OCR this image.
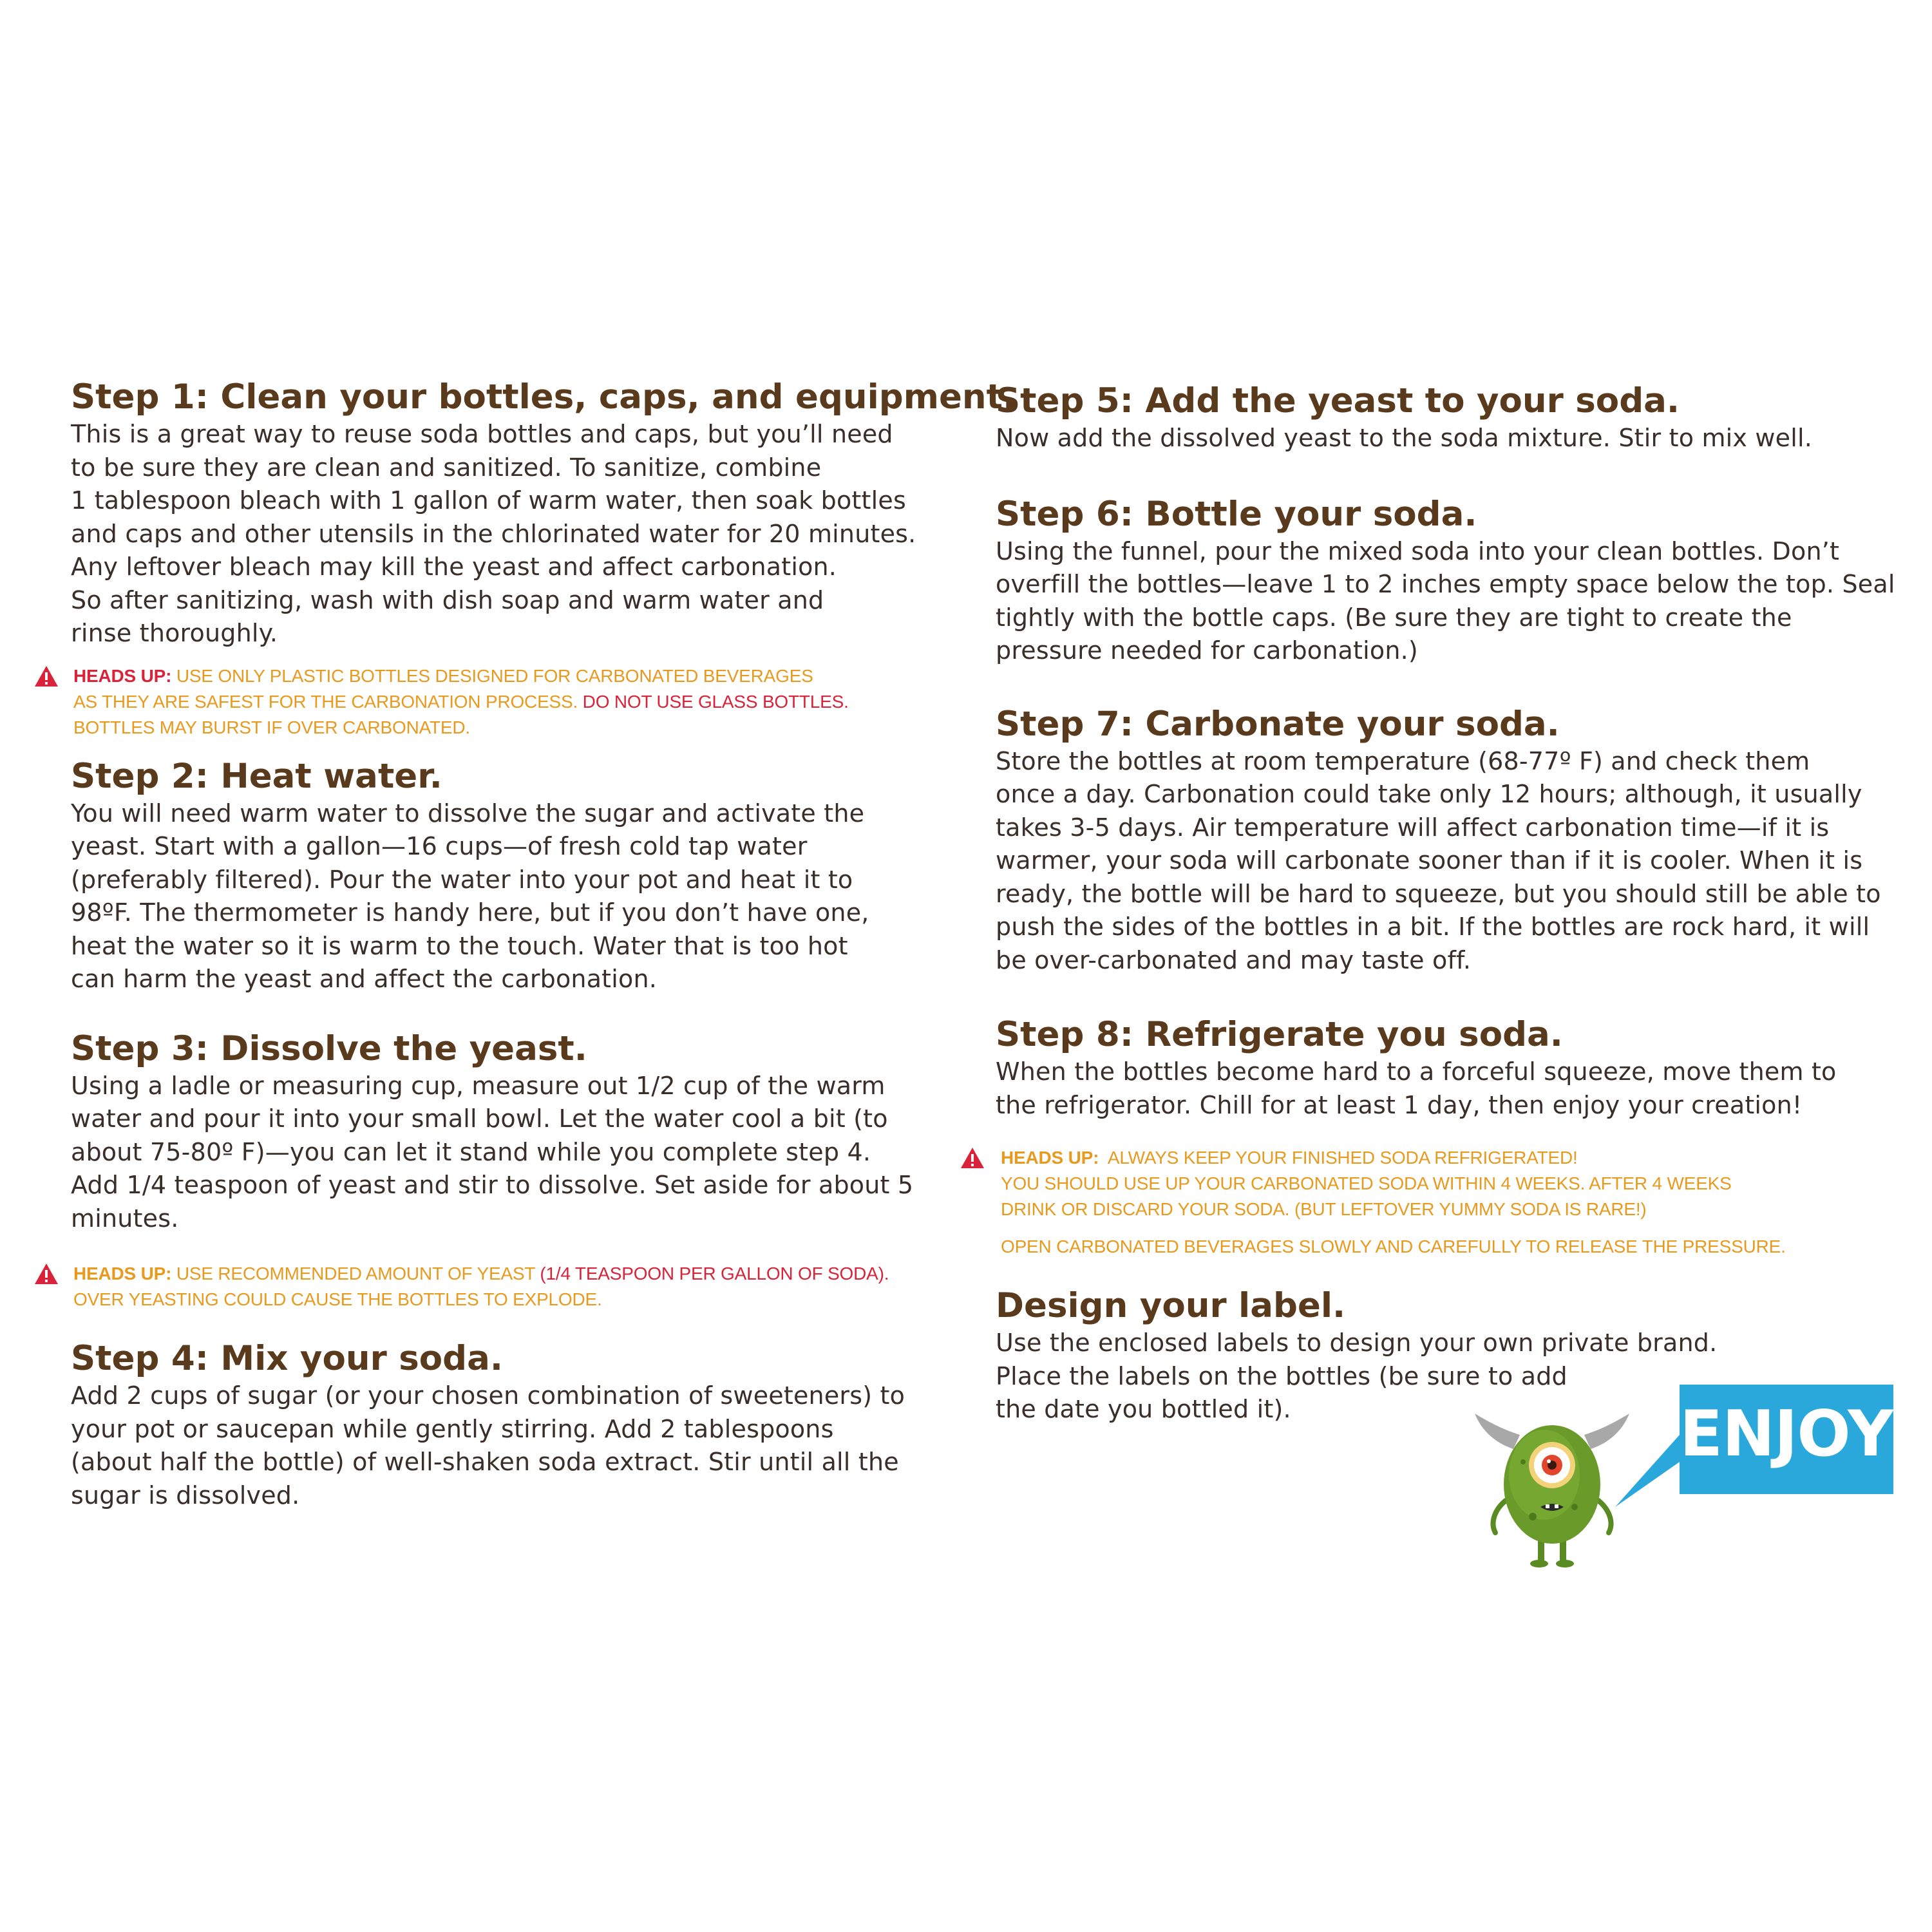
Step 1: Clean your bottles, caps, and equipment.

This is a great way to reuse soda bottles and caps, but you’ll need
to be sure they are clean and sanitized. To sanitize, combine
1 tablespoon bleach with 1 gallon of warm water, then soak bottles
and caps and other utensils in the chlorinated water for 20 minutes.
Any leftover bleach may kill the yeast and affect carbonation.
So after sanitizing, wash with dish soap and warm water and
rinse thoroughly.

HEADS UP: USE ONLY PLASTIC BOTTLES DESIGNED FOR CARBONATED BEVERAGES

AS THEY ARE SAFEST FOR THE CARBONATION PROCESS. DO NOT USE GLASS BOTTLES.

BOTTLES MAY BURST IF OVER CARBONATED.

Step 2: Heat water.

You will need warm water to dissolve the sugar and activate the
yeast. Start with a gallon—16 cups—of fresh cold tap water
(preferably filtered). Pour the water into your pot and heat it to
98ºF. The thermometer is handy here, but if you don’t have one,
heat the water so it is warm to the touch. Water that is too hot
can harm the yeast and affect the carbonation.

Step 3: Dissolve the yeast.

Using a ladle or measuring cup, measure out 1/2 cup of the warm
water and pour it into your small bowl. Let the water cool a bit (to
about 75-80º F)—you can let it stand while you complete step 4.
Add 1/4 teaspoon of yeast and stir to dissolve. Set aside for about 5
minutes.

HEADS UP: USE RECOMMENDED AMOUNT OF YEAST (1/4 TEASPOON PER GALLON OF SODA).

OVER YEASTING COULD CAUSE THE BOTTLES TO EXPLODE.

Step 4: Mix your soda.

Add 2 cups of sugar (or your chosen combination of sweeteners) to
your pot or saucepan while gently stirring. Add 2 tablespoons
(about half the bottle) of well-shaken soda extract. Stir until all the
sugar is dissolved.

Step 5: Add the yeast to your soda.

Now add the dissolved yeast to the soda mixture. Stir to mix well.

Step 6: Bottle your soda.

Using the funnel, pour the mixed soda into your clean bottles. Don’t
overfill the bottles—leave 1 to 2 inches empty space below the top. Seal
tightly with the bottle caps. (Be sure they are tight to create the
pressure needed for carbonation.)

Step 7: Carbonate your soda.

Store the bottles at room temperature (68-77º F) and check them
once a day. Carbonation could take only 12 hours; although, it usually
takes 3-5 days. Air temperature will affect carbonation time—if it is
warmer, your soda will carbonate sooner than if it is cooler. When it is
ready, the bottle will be hard to squeeze, but you should still be able to
push the sides of the bottles in a bit. If the bottles are rock hard, it will
be over-carbonated and may taste off.

Step 8: Refrigerate you soda.

When the bottles become hard to a forceful squeeze, move them to
the refrigerator. Chill for at least 1 day, then enjoy your creation!

HEADS UP: ALWAYS KEEP YOUR FINISHED SODA REFRIGERATED!

YOU SHOULD USE UP YOUR CARBONATED SODA WITHIN 4 WEEKS. AFTER 4 WEEKS

DRINK OR DISCARD YOUR SODA. (BUT LEFTOVER YUMMY SODA IS RARE!)

OPEN CARBONATED BEVERAGES SLOWLY AND CAREFULLY TO RELEASE THE PRESSURE.

Design your label.

Use the enclosed labels to design your own private brand.
Place the labels on the bottles (be sure to add
the date you bottled it).	ENJOY!
